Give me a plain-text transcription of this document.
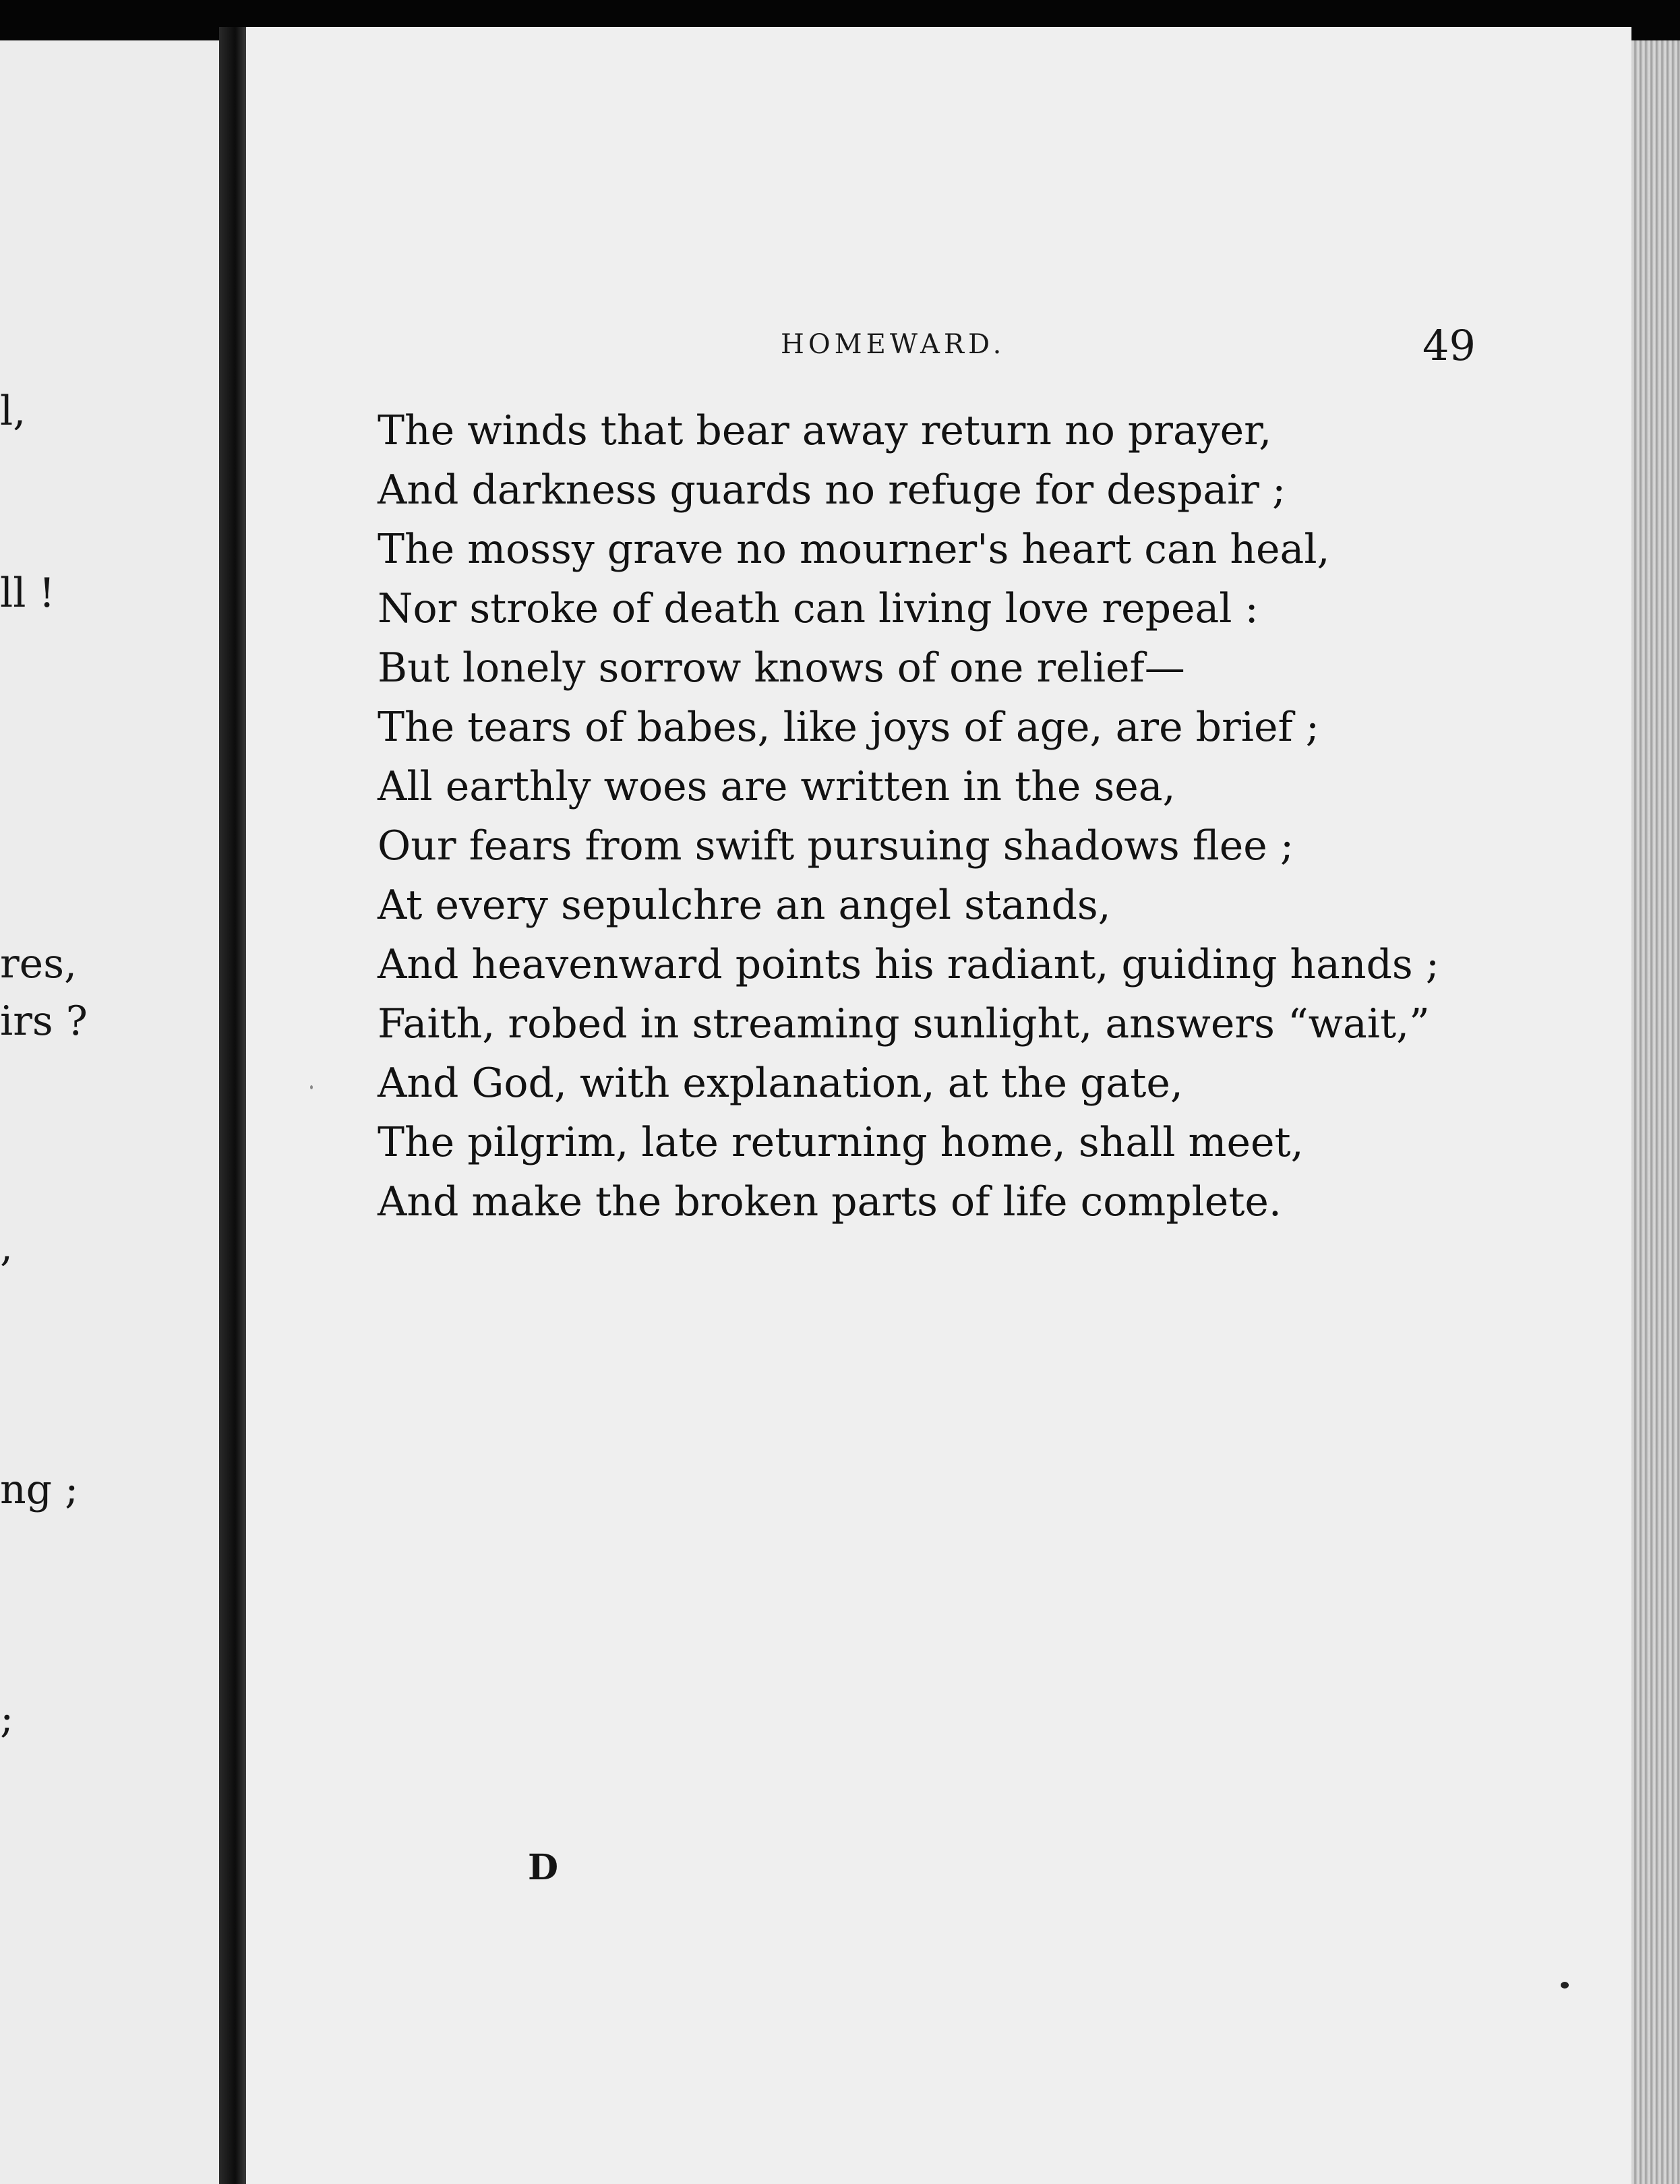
l,
ll !
res,
irs ?
,
ng ;
;
HOMEWARD.	49
The winds that bear away return no prayer,
And darkness guards no refuge for despair ;
The mossy grave no mourner's heart can heal,
Nor stroke of death can living love repeal :
But lonely sorrow knows of one relief—
The tears of babes, like joys of age, are brief ;
All earthly woes are written in the sea,
Our fears from swift pursuing shadows flee ;
At every sepulchre an angel stands,
And heavenward points his radiant, guiding hands ;
Faith, robed in streaming sunlight, answers “wait,”
And God, with explanation, at the gate,
The pilgrim, late returning home, shall meet,
And make the broken parts of life complete.
D
